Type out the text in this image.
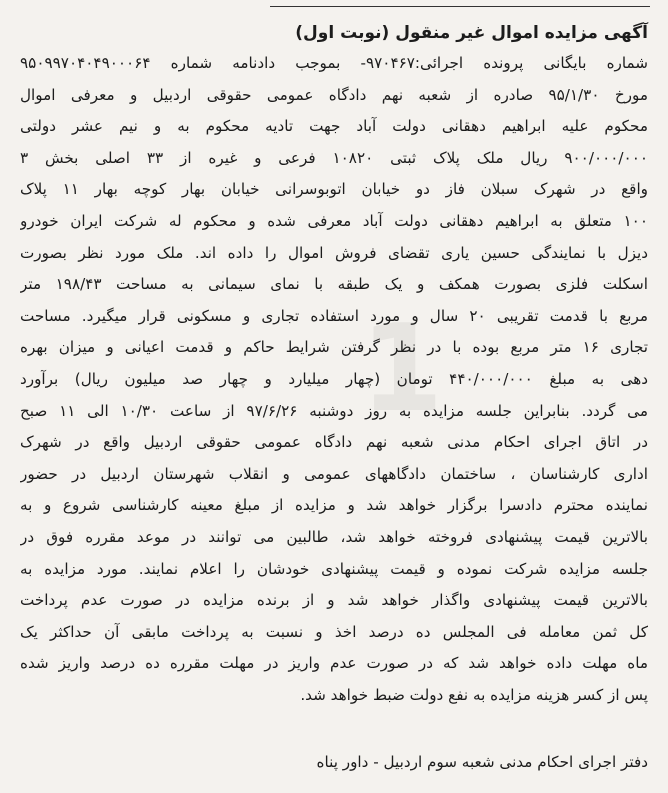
1
آگهی مزایده اموال غیر منقول (نوبت اول)
شماره بایگانی پرونده اجرائی:۹۷۰۴۶۷- بموجب دادنامه شماره ۹۵۰۹۹۷۰۴۰۴۹۰۰۰۶۴
مورخ ۹۵/۱/۳۰ صادره از شعبه نهم دادگاه عمومی حقوقی اردبیل و معرفی اموال
محکوم علیه ابراهیم دهقانی دولت آباد جهت تادیه محکوم به و نیم عشر دولتی
۹۰۰/۰۰۰/۰۰۰ ریال ملک پلاک ثبتی ۱۰۸۲۰ فرعی و غیره از ۳۳ اصلی بخش ۳
واقع در شهرک سبلان فاز دو خیابان اتوبوسرانی خیابان بهار کوچه بهار ۱۱ پلاک
۱۰۰ متعلق به ابراهیم دهقانی دولت آباد معرفی شده و محکوم له شرکت ایران خودرو
دیزل با نمایندگی حسین یاری تقضای فروش اموال را داده اند. ملک مورد نظر بصورت
اسکلت فلزی بصورت همکف و یک طبقه با نمای سیمانی به مساحت ۱۹۸/۴۳ متر
مربع با قدمت تقریبی ۲۰ سال و مورد استفاده تجاری و مسکونی قرار میگیرد. مساحت
تجاری ۱۶ متر مربع بوده با در نظر گرفتن شرایط حاکم و قدمت اعیانی و میزان بهره
دهی به مبلغ ۴۴۰/۰۰۰/۰۰۰ تومان (چهار میلیارد و چهار صد میلیون ریال) برآورد
می گردد. بنابراین جلسه مزایده به روز دوشنبه ۹۷/۶/۲۶ از ساعت ۱۰/۳۰ الی ۱۱ صبح
در اتاق اجرای احکام مدنی شعبه نهم دادگاه عمومی حقوقی اردبیل واقع در شهرک
اداری کارشناسان ، ساختمان دادگاههای عمومی و انقلاب شهرستان اردبیل در حضور
نماینده محترم دادسرا برگزار خواهد شد و مزایده از مبلغ معینه کارشناسی شروع و به
بالاترین قیمت پیشنهادی فروخته خواهد شد، طالبین می توانند در موعد مقرره فوق در
جلسه مزایده شرکت نموده و قیمت پیشنهادی خودشان را اعلام نمایند. مورد مزایده به
بالاترین قیمت پیشنهادی واگذار خواهد شد و از برنده مزایده در صورت عدم پرداخت
کل ثمن معامله فی المجلس ده درصد اخذ و نسبت به پرداخت مابقی آن حداکثر یک
ماه مهلت داده خواهد شد که در صورت عدم واریز در مهلت مقرره ده درصد واریز شده
پس از کسر هزینه مزایده به نفع دولت ضبط خواهد شد.

دفتر اجرای احکام مدنی شعبه سوم اردبیل - داور پناه
